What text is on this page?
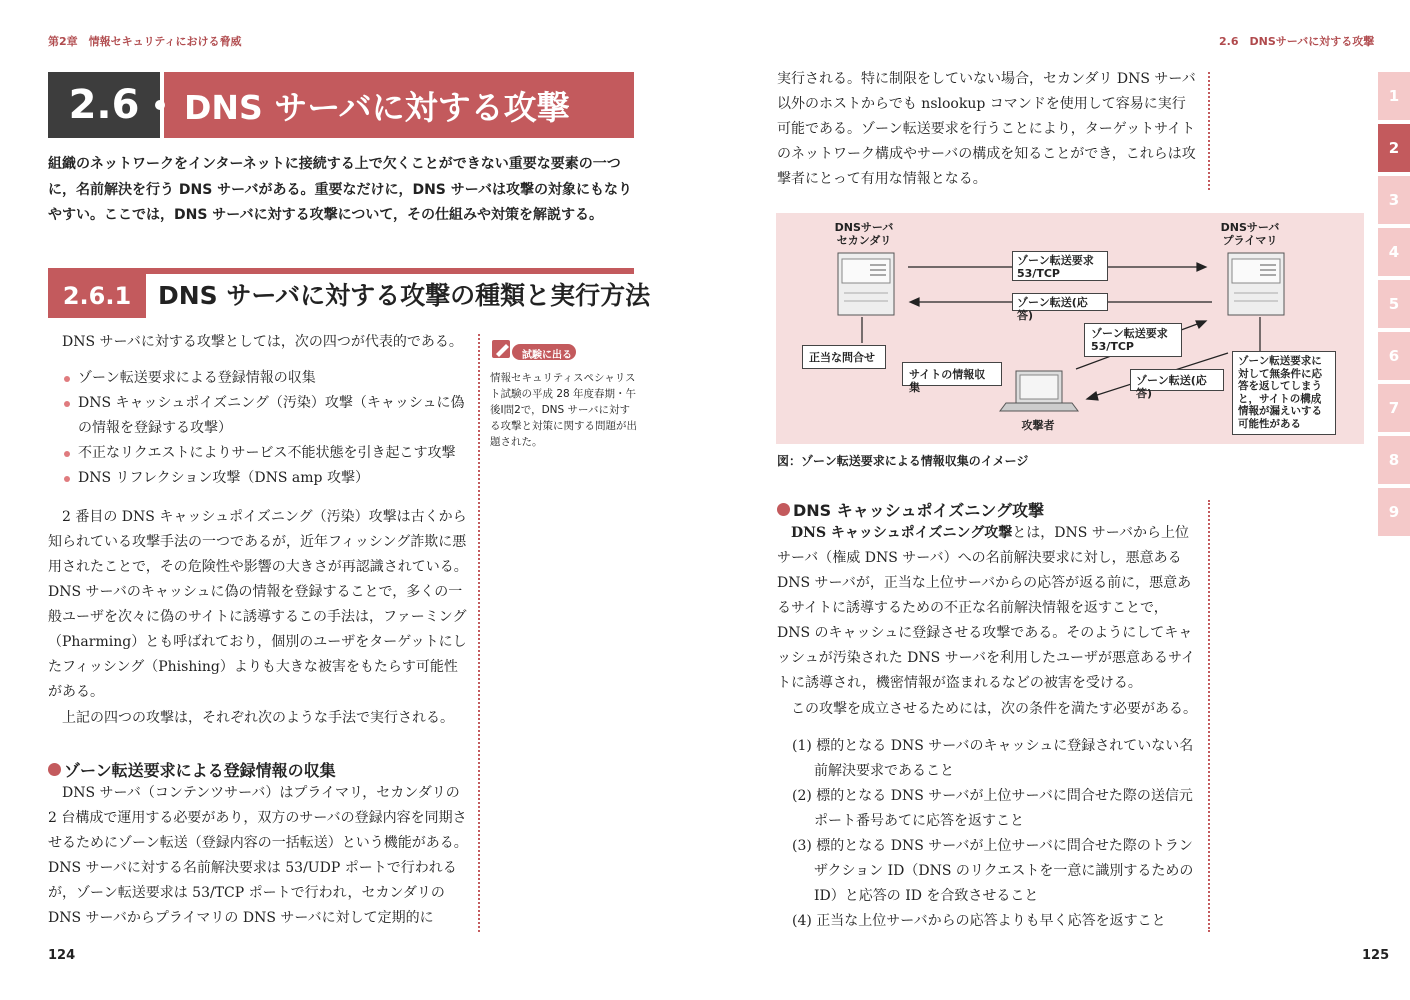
第2章　情報セキュリティにおける脅威	2.6　DNSサーバに対する攻撃
2.6	DNS サーバに対する攻撃
組織のネットワークをインターネットに接続する上で欠くことができない重要な要素の一つに，名前解決を行う DNS サーバがある。重要なだけに，DNS サーバは攻撃の対象にもなりやすい。ここでは，DNS サーバに対する攻撃について，その仕組みや対策を解説する。
2.6.1	DNS サーバに対する攻撃の種類と実行方法
DNS サーバに対する攻撃としては，次の四つが代表的である。
ゾーン転送要求による登録情報の収集
DNS キャッシュポイズニング（汚染）攻撃（キャッシュに偽の情報を登録する攻撃）
不正なリクエストによりサービス不能状態を引き起こす攻撃
DNS リフレクション攻撃（DNS amp 攻撃）

2 番目の DNS キャッシュポイズニング（汚染）攻撃は古くから知られている攻撃手法の一つであるが，近年フィッシング詐欺に悪用されたことで，その危険性や影響の大きさが再認識されている。DNS サーバのキャッシュに偽の情報を登録することで，多くの一般ユーザを次々に偽のサイトに誘導するこの手法は，ファーミング（Pharming）とも呼ばれており，個別のユーザをターゲットにしたフィッシング（Phishing）よりも大きな被害をもたらす可能性がある。

上記の四つの攻撃は，それぞれ次のような手法で実行される。

ゾーン転送要求による登録情報の収集

DNS サーバ（コンテンツサーバ）はプライマリ，セカンダリの 2 台構成で運用する必要があり，双方のサーバの登録内容を同期させるためにゾーン転送（登録内容の一括転送）という機能がある。DNS サーバに対する名前解決要求は 53/UDP ポートで行われるが，ゾーン転送要求は 53/TCP ポートで行われ，セカンダリの DNS サーバからプライマリの DNS サーバに対して定期的に

試験に出る
情報セキュリティスペシャリスト試験の平成 28 年度春期・午後Ⅰ問2で，DNS サーバに対する攻撃と対策に関する問題が出題された。
124	125

実行される。特に制限をしていない場合，セカンダリ DNS サーバ以外のホストからでも nslookup コマンドを使用して容易に実行可能である。ゾーン転送要求を行うことにより，ターゲットサイトのネットワーク構成やサーバの構成を知ることができ，これらは攻撃者にとって有用な情報となる。

DNSサーバ
セカンダリ
DNSサーバ
プライマリ
ゾーン転送要求
53/TCP
ゾーン転送(応答)
正当な問合せ
サイトの情報収集
ゾーン転送要求
53/TCP
ゾーン転送(応答)
攻撃者
ゾーン転送要求に対して無条件に応答を返してしまうと，サイトの構成情報が漏えいする可能性がある
図：ゾーン転送要求による情報収集のイメージ
DNS キャッシュポイズニング攻撃

DNS キャッシュポイズニング攻撃とは，DNS サーバから上位サーバ（権威 DNS サーバ）への名前解決要求に対し，悪意ある DNS サーバが，正当な上位サーバからの応答が返る前に，悪意あるサイトに誘導するための不正な名前解決情報を返すことで，DNS のキャッシュに登録させる攻撃である。そのようにしてキャッシュが汚染された DNS サーバを利用したユーザが悪意あるサイトに誘導され，機密情報が盗まれるなどの被害を受ける。

この攻撃を成立させるためには，次の条件を満たす必要がある。

(1) 標的となる DNS サーバのキャッシュに登録されていない名前解決要求であること
(2) 標的となる DNS サーバが上位サーバに問合せた際の送信元ポート番号あてに応答を返すこと
(3) 標的となる DNS サーバが上位サーバに問合せた際のトランザクション ID（DNS のリクエストを一意に識別するための ID）と応答の ID を合致させること
(4) 正当な上位サーバからの応答よりも早く応答を返すこと
1
2
3
4
5
6
7
8
9
